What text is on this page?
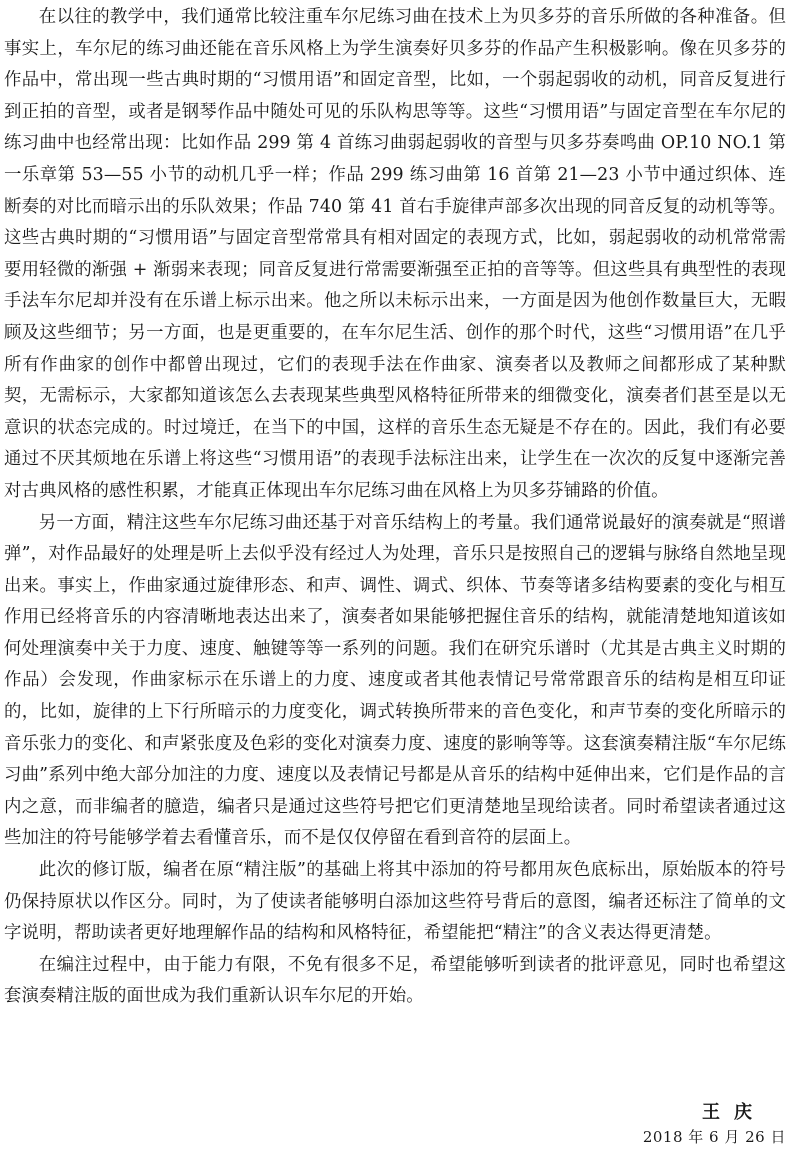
在以往的教学中，我们通常比较注重车尔尼练习曲在技术上为贝多芬的音乐所做的各种准备。但事实上，车尔尼的练习曲还能在音乐风格上为学生演奏好贝多芬的作品产生积极影响。像在贝多芬的作品中，常出现一些古典时期的“习惯用语”和固定音型，比如，一个弱起弱收的动机，同音反复进行到正拍的音型，或者是钢琴作品中随处可见的乐队构思等等。这些“习惯用语”与固定音型在车尔尼的练习曲中也经常出现：比如作品 299 第 4 首练习曲弱起弱收的音型与贝多芬奏鸣曲 OP.10 NO.1 第一乐章第 53—55 小节的动机几乎一样；作品 299 练习曲第 16 首第 21—23 小节中通过织体、连断奏的对比而暗示出的乐队效果；作品 740 第 41 首右手旋律声部多次出现的同音反复的动机等等。这些古典时期的“习惯用语”与固定音型常常具有相对固定的表现方式，比如，弱起弱收的动机常常需要用轻微的渐强 + 渐弱来表现；同音反复进行常需要渐强至正拍的音等等。但这些具有典型性的表现手法车尔尼却并没有在乐谱上标示出来。他之所以未标示出来，一方面是因为他创作数量巨大，无暇顾及这些细节；另一方面，也是更重要的，在车尔尼生活、创作的那个时代，这些“习惯用语”在几乎所有作曲家的创作中都曾出现过，它们的表现手法在作曲家、演奏者以及教师之间都形成了某种默契，无需标示，大家都知道该怎么去表现某些典型风格特征所带来的细微变化，演奏者们甚至是以无意识的状态完成的。时过境迁，在当下的中国，这样的音乐生态无疑是不存在的。因此，我们有必要通过不厌其烦地在乐谱上将这些“习惯用语”的表现手法标注出来，让学生在一次次的反复中逐渐完善对古典风格的感性积累，才能真正体现出车尔尼练习曲在风格上为贝多芬铺路的价值。

另一方面，精注这些车尔尼练习曲还基于对音乐结构上的考量。我们通常说最好的演奏就是“照谱弹”，对作品最好的处理是听上去似乎没有经过人为处理，音乐只是按照自己的逻辑与脉络自然地呈现出来。事实上，作曲家通过旋律形态、和声、调性、调式、织体、节奏等诸多结构要素的变化与相互作用已经将音乐的内容清晰地表达出来了，演奏者如果能够把握住音乐的结构，就能清楚地知道该如何处理演奏中关于力度、速度、触键等等一系列的问题。我们在研究乐谱时（尤其是古典主义时期的作品）会发现，作曲家标示在乐谱上的力度、速度或者其他表情记号常常跟音乐的结构是相互印证的，比如，旋律的上下行所暗示的力度变化，调式转换所带来的音色变化，和声节奏的变化所暗示的音乐张力的变化、和声紧张度及色彩的变化对演奏力度、速度的影响等等。这套演奏精注版“车尔尼练习曲”系列中绝大部分加注的力度、速度以及表情记号都是从音乐的结构中延伸出来，它们是作品的言内之意，而非编者的臆造，编者只是通过这些符号把它们更清楚地呈现给读者。同时希望读者通过这些加注的符号能够学着去看懂音乐，而不是仅仅停留在看到音符的层面上。

此次的修订版，编者在原“精注版”的基础上将其中添加的符号都用灰色底标出，原始版本的符号仍保持原状以作区分。同时，为了使读者能够明白添加这些符号背后的意图，编者还标注了简单的文字说明，帮助读者更好地理解作品的结构和风格特征，希望能把“精注”的含义表达得更清楚。

在编注过程中，由于能力有限，不免有很多不足，希望能够听到读者的批评意见，同时也希望这套演奏精注版的面世成为我们重新认识车尔尼的开始。

王庆
2018 年 6 月 26 日
